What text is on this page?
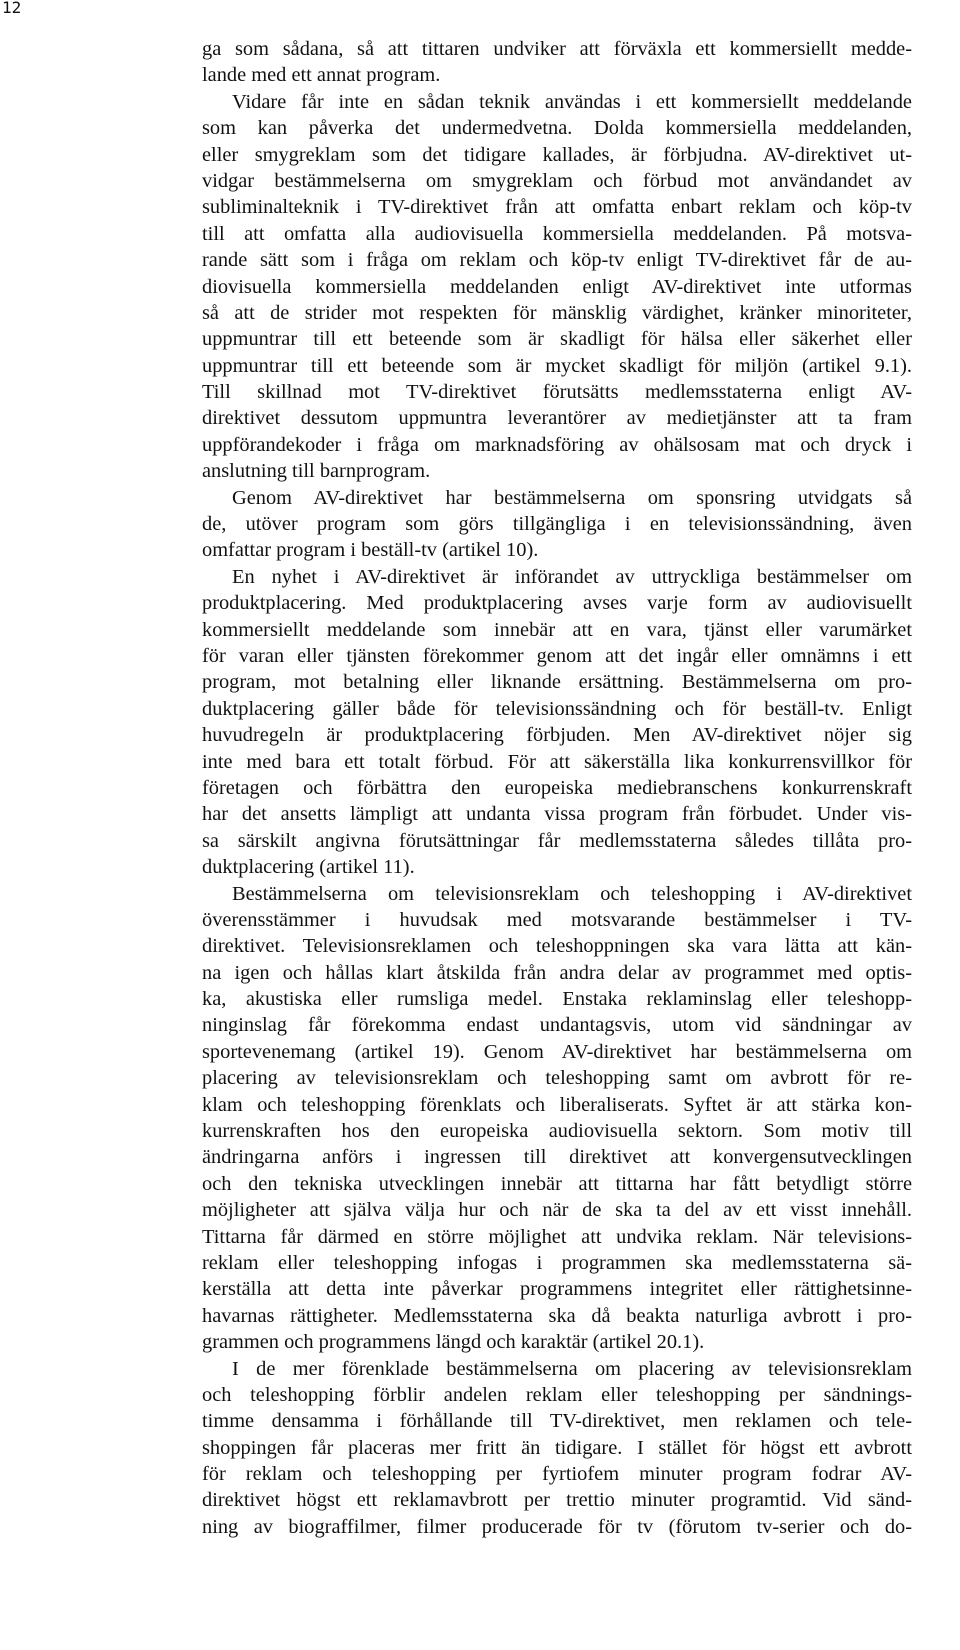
12
ga som sådana, så att tittaren undviker att förväxla ett kommersiellt medde-
lande med ett annat program.
Vidare får inte en sådan teknik användas i ett kommersiellt meddelande
som kan påverka det undermedvetna. Dolda kommersiella meddelanden,
eller smygreklam som det tidigare kallades, är förbjudna. AV-direktivet ut-
vidgar bestämmelserna om smygreklam och förbud mot användandet av
subliminalteknik i TV-direktivet från att omfatta enbart reklam och köp-tv
till att omfatta alla audiovisuella kommersiella meddelanden. På motsva-
rande sätt som i fråga om reklam och köp-tv enligt TV-direktivet får de au-
diovisuella kommersiella meddelanden enligt AV-direktivet inte utformas
så att de strider mot respekten för mänsklig värdighet, kränker minoriteter,
uppmuntrar till ett beteende som är skadligt för hälsa eller säkerhet eller
uppmuntrar till ett beteende som är mycket skadligt för miljön (artikel 9.1).
Till skillnad mot TV-direktivet förutsätts medlemsstaterna enligt AV-
direktivet dessutom uppmuntra leverantörer av medietjänster att ta fram
uppförandekoder i fråga om marknadsföring av ohälsosam mat och dryck i
anslutning till barnprogram.
Genom AV-direktivet har bestämmelserna om sponsring utvidgats så
de, utöver program som görs tillgängliga i en televisionssändning, även
omfattar program i beställ-tv (artikel 10).
En nyhet i AV-direktivet är införandet av uttryckliga bestämmelser om
produktplacering. Med produktplacering avses varje form av audiovisuellt
kommersiellt meddelande som innebär att en vara, tjänst eller varumärket
för varan eller tjänsten förekommer genom att det ingår eller omnämns i ett
program, mot betalning eller liknande ersättning. Bestämmelserna om pro-
duktplacering gäller både för televisionssändning och för beställ-tv. Enligt
huvudregeln är produktplacering förbjuden. Men AV-direktivet nöjer sig
inte med bara ett totalt förbud. För att säkerställa lika konkurrensvillkor för
företagen och förbättra den europeiska mediebranschens konkurrenskraft
har det ansetts lämpligt att undanta vissa program från förbudet. Under vis-
sa särskilt angivna förutsättningar får medlemsstaterna således tillåta pro-
duktplacering (artikel 11).
Bestämmelserna om televisionsreklam och teleshopping i AV-direktivet
överensstämmer i huvudsak med motsvarande bestämmelser i TV-
direktivet. Televisionsreklamen och teleshoppningen ska vara lätta att kän-
na igen och hållas klart åtskilda från andra delar av programmet med optis-
ka, akustiska eller rumsliga medel. Enstaka reklaminslag eller teleshopp-
ninginslag får förekomma endast undantagsvis, utom vid sändningar av
sportevenemang (artikel 19). Genom AV-direktivet har bestämmelserna om
placering av televisionsreklam och teleshopping samt om avbrott för re-
klam och teleshopping förenklats och liberaliserats. Syftet är att stärka kon-
kurrenskraften hos den europeiska audiovisuella sektorn. Som motiv till
ändringarna anförs i ingressen till direktivet att konvergensutvecklingen
och den tekniska utvecklingen innebär att tittarna har fått betydligt större
möjligheter att själva välja hur och när de ska ta del av ett visst innehåll.
Tittarna får därmed en större möjlighet att undvika reklam. När televisions-
reklam eller teleshopping infogas i programmen ska medlemsstaterna sä-
kerställa att detta inte påverkar programmens integritet eller rättighetsinne-
havarnas rättigheter. Medlemsstaterna ska då beakta naturliga avbrott i pro-
grammen och programmens längd och karaktär (artikel 20.1).
I de mer förenklade bestämmelserna om placering av televisionsreklam
och teleshopping förblir andelen reklam eller teleshopping per sändnings-
timme densamma i förhållande till TV-direktivet, men reklamen och tele-
shoppingen får placeras mer fritt än tidigare. I stället för högst ett avbrott
för reklam och teleshopping per fyrtiofem minuter program fodrar AV-
direktivet högst ett reklamavbrott per trettio minuter programtid. Vid sänd-
ning av biograffilmer, filmer producerade för tv (förutom tv-serier och do-
